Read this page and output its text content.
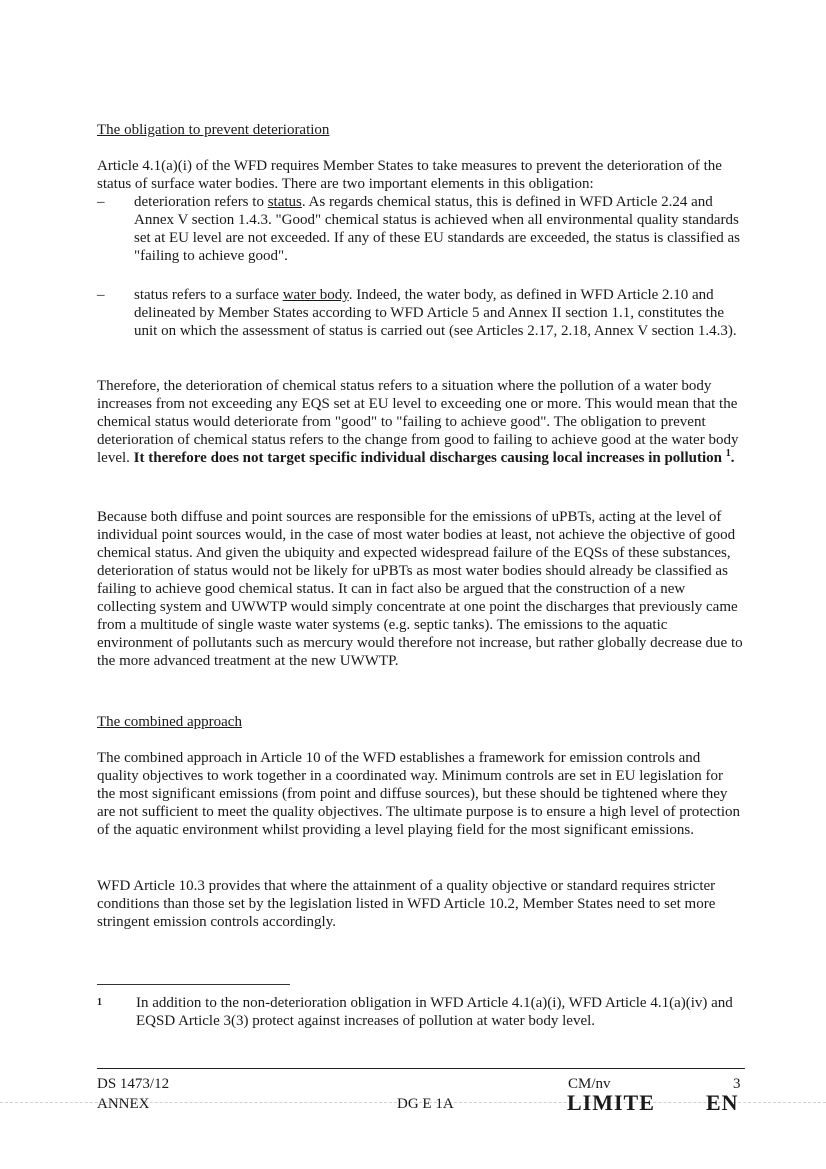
The obligation to prevent deterioration

Article 4.1(a)(i) of the WFD requires Member States to take measures to prevent the deterioration of the status of surface water bodies. There are two important elements in this obligation:

–	deterioration refers to status. As regards chemical status, this is defined in WFD Article 2.24 and Annex V section 1.4.3. "Good" chemical status is achieved when all environmental quality standards set at EU level are not exceeded. If any of these EU standards are exceeded, the status is classified as "failing to achieve good".
–	status refers to a surface water body. Indeed, the water body, as defined in WFD Article 2.10 and delineated by Member States according to WFD Article 5 and Annex II section 1.1, constitutes the unit on which the assessment of status is carried out (see Articles 2.17, 2.18, Annex V section 1.4.3).

Therefore, the deterioration of chemical status refers to a situation where the pollution of a water body increases from not exceeding any EQS set at EU level to exceeding one or more. This would mean that the chemical status would deteriorate from "good" to "failing to achieve good". The obligation to prevent deterioration of chemical status refers to the change from good to failing to achieve good at the water body level. It therefore does not target specific individual discharges causing local increases in pollution $^1$.

Because both diffuse and point sources are responsible for the emissions of uPBTs, acting at the level of individual point sources would, in the case of most water bodies at least, not achieve the objective of good chemical status. And given the ubiquity and expected widespread failure of the EQSs of these substances, deterioration of status would not be likely for uPBTs as most water bodies should already be classified as failing to achieve good chemical status. It can in fact also be argued that the construction of a new collecting system and UWWTP would simply concentrate at one point the discharges that previously came from a multitude of single waste water systems (e.g. septic tanks). The emissions to the aquatic environment of pollutants such as mercury would therefore not increase, but rather globally decrease due to the more advanced treatment at the new UWWTP.

The combined approach

The combined approach in Article 10 of the WFD establishes a framework for emission controls and quality objectives to work together in a coordinated way. Minimum controls are set in EU legislation for the most significant emissions (from point and diffuse sources), but these should be tightened where they are not sufficient to meet the quality objectives. The ultimate purpose is to ensure a high level of protection of the aquatic environment whilst providing a level playing field for the most significant emissions.

WFD Article 10.3 provides that where the attainment of a quality objective or standard requires stricter conditions than those set by the legislation listed in WFD Article 10.2, Member States need to set more stringent emission controls accordingly.

1 In addition to the non-deterioration obligation in WFD Article 4.1(a)(i), WFD Article 4.1(a)(iv) and EQSD Article 3(3) protect against increases of pollution at water body level.
DS 1473/12
ANNEX
CM/nv	3
DG E 1A	LIMITE EN
